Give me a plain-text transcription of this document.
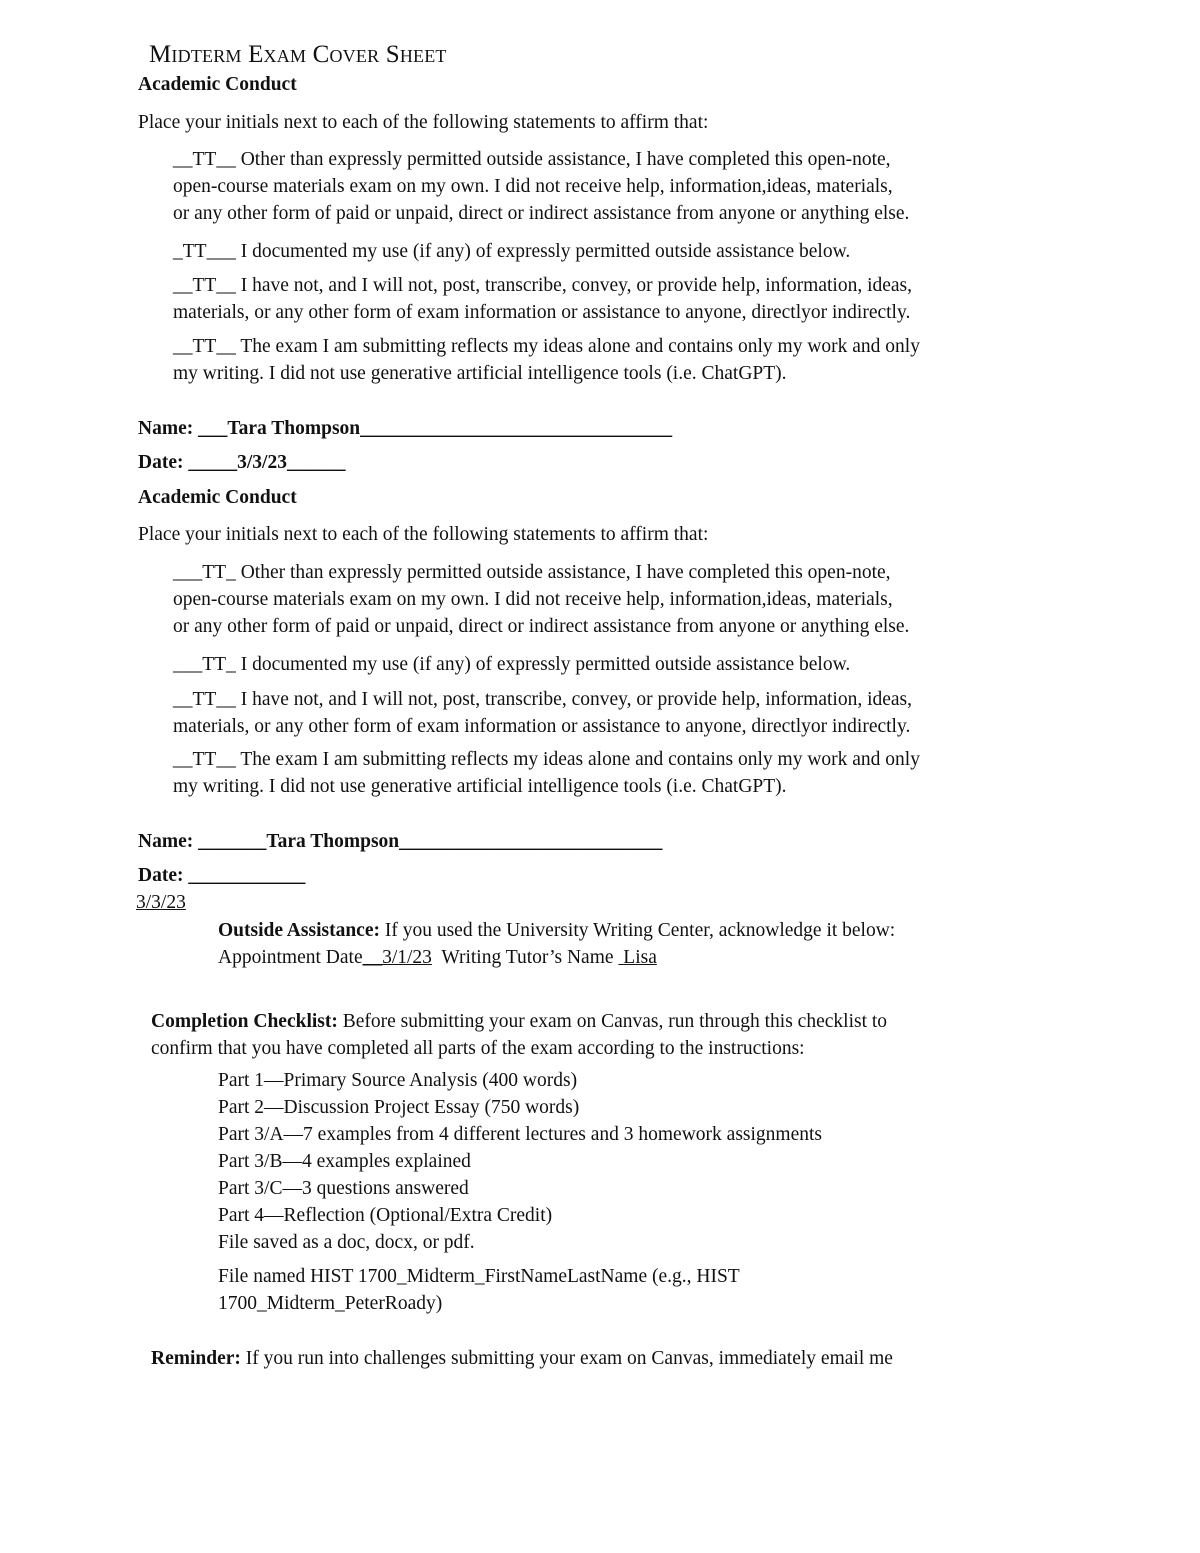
Midterm Exam Cover Sheet
Academic Conduct
Place your initials next to each of the following statements to affirm that:
__TT__ Other than expressly permitted outside assistance, I have completed this open-note,
open-course materials exam on my own. I did not receive help, information,ideas, materials,
or any other form of paid or unpaid, direct or indirect assistance from anyone or anything else.
_TT___ I documented my use (if any) of expressly permitted outside assistance below.
__TT__ I have not, and I will not, post, transcribe, convey, or provide help, information, ideas,
materials, or any other form of exam information or assistance to anyone, directlyor indirectly.
__TT__ The exam I am submitting reflects my ideas alone and contains only my work and only
my writing. I did not use generative artificial intelligence tools (i.e. ChatGPT).
Name: ___Tara Thompson________________________________
Date: _____3/3/23______
Academic Conduct
Place your initials next to each of the following statements to affirm that:
___TT_ Other than expressly permitted outside assistance, I have completed this open-note,
open-course materials exam on my own. I did not receive help, information,ideas, materials,
or any other form of paid or unpaid, direct or indirect assistance from anyone or anything else.
___TT_ I documented my use (if any) of expressly permitted outside assistance below.
__TT__ I have not, and I will not, post, transcribe, convey, or provide help, information, ideas,
materials, or any other form of exam information or assistance to anyone, directlyor indirectly.
__TT__ The exam I am submitting reflects my ideas alone and contains only my work and only
my writing. I did not use generative artificial intelligence tools (i.e. ChatGPT).
Name: _______Tara Thompson___________________________
Date: ____________
3/3/23
Outside Assistance: If you used the University Writing Center, acknowledge it below:
Appointment Date__3/1/23  Writing Tutor’s Name  Lisa
Completion Checklist: Before submitting your exam on Canvas, run through this checklist to
confirm that you have completed all parts of the exam according to the instructions:
Part 1—Primary Source Analysis (400 words)
Part 2—Discussion Project Essay (750 words)
Part 3/A—7 examples from 4 different lectures and 3 homework assignments
Part 3/B—4 examples explained
Part 3/C—3 questions answered
Part 4—Reflection (Optional/Extra Credit)
File saved as a doc, docx, or pdf.
File named HIST 1700_Midterm_FirstNameLastName (e.g., HIST
1700_Midterm_PeterRoady)
Reminder: If you run into challenges submitting your exam on Canvas, immediately email me
